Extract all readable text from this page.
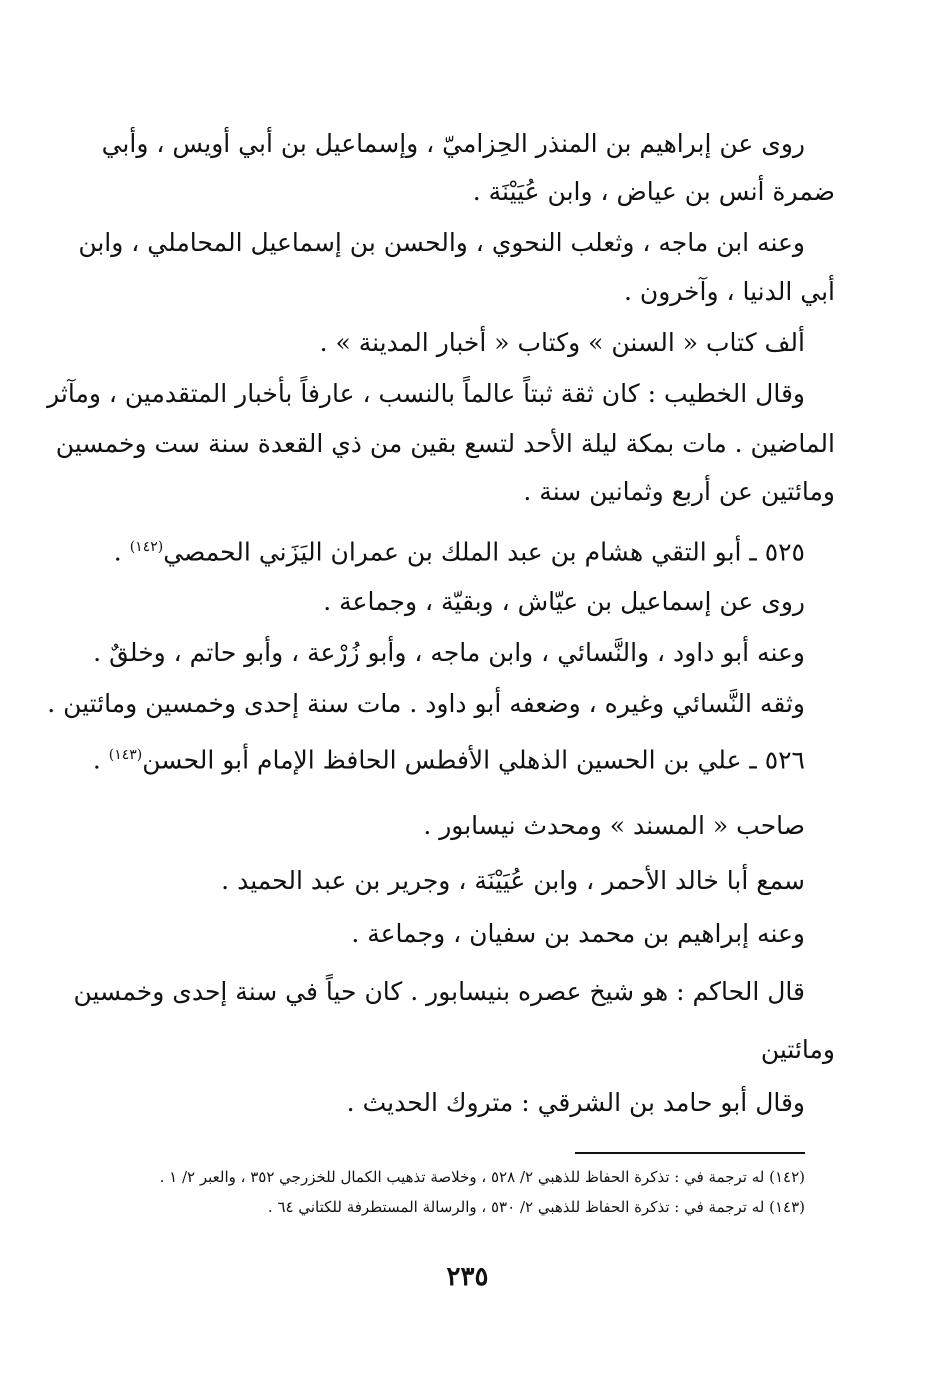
روى عن إبراهيم بن المنذر الحِزاميّ ، وإسماعيل بن أبي أويس ، وأبي
ضمرة أنس بن عياض ، وابن عُيَيْنَة .
وعنه ابن ماجه ، وثعلب النحوي ، والحسن بن إسماعيل المحاملي ، وابن
أبي الدنيا ، وآخرون .
ألف كتاب « السنن » وكتاب « أخبار المدينة » .
وقال الخطيب : كان ثقة ثبتاً عالماً بالنسب ، عارفاً بأخبار المتقدمين ، ومآثر
الماضين . مات بمكة ليلة الأحد لتسع بقين من ذي القعدة سنة ست وخمسين
ومائتين عن أربع وثمانين سنة .
٥٢٥ ـ أبو التقي هشام بن عبد الملك بن عمران اليَزَني الحمصي$^{(١٤٢)}$ .
روى عن إسماعيل بن عيّاش ، وبقيّة ، وجماعة .
وعنه أبو داود ، والنَّسائي ، وابن ماجه ، وأبو زُرْعة ، وأبو حاتم ، وخلقٌ .
وثقه النَّسائي وغيره ، وضعفه أبو داود . مات سنة إحدى وخمسين ومائتين .
٥٢٦ ـ علي بن الحسين الذهلي الأفطس الحافظ الإمام أبو الحسن$^{(١٤٣)}$ .
صاحب « المسند » ومحدث نيسابور .
سمع أبا خالد الأحمر ، وابن عُيَيْنَة ، وجرير بن عبد الحميد .
وعنه إبراهيم بن محمد بن سفيان ، وجماعة .
قال الحاكم : هو شيخ عصره بنيسابور . كان حياً في سنة إحدى وخمسين
ومائتين
وقال أبو حامد بن الشرقي : متروك الحديث .
(١٤٢) له ترجمة في : تذكرة الحفاظ للذهبي ٢/ ٥٢٨ ، وخلاصة تذهيب الكمال للخزرجي ٣٥٢ ، والعبر ٢/ ١ .
(١٤٣) له ترجمة في : تذكرة الحفاظ للذهبي ٢/ ٥٣٠ ، والرسالة المستطرفة للكتاني ٦٤ .
٢٣٥
